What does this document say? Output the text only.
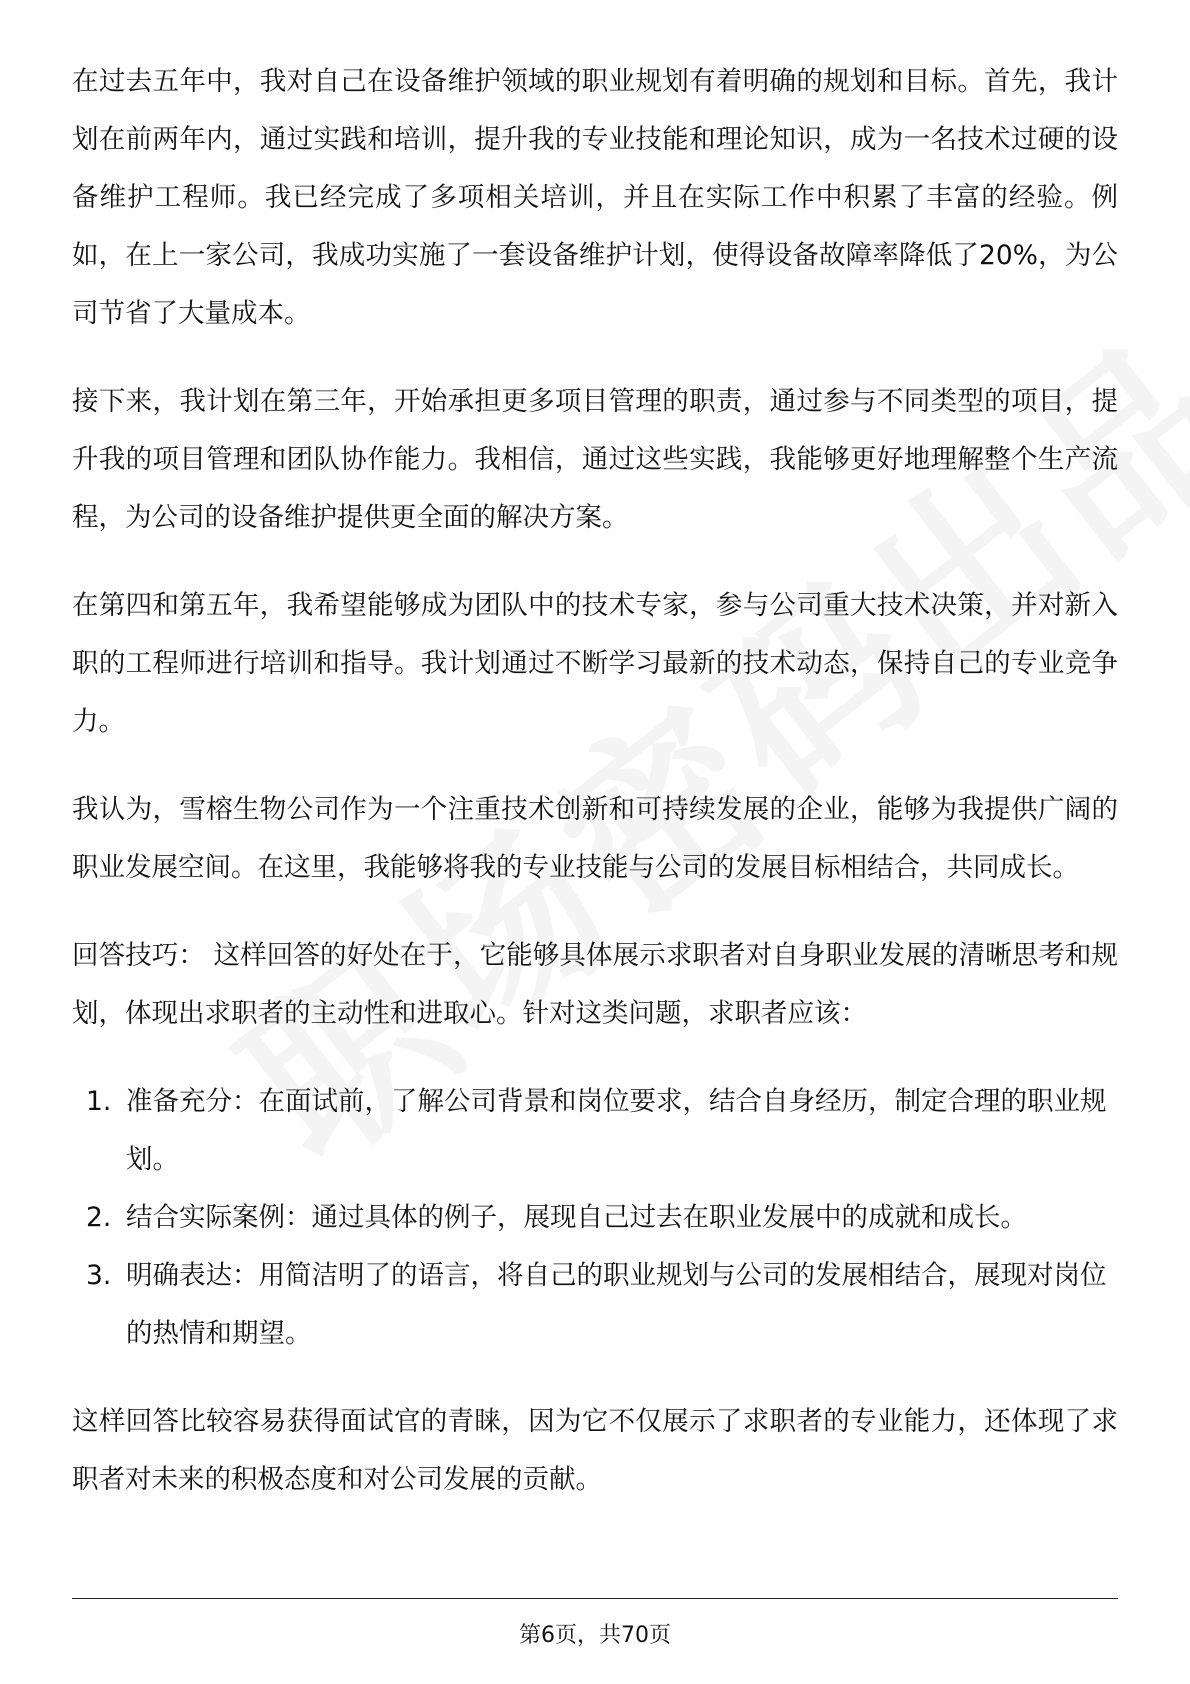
在过去五年中，我对自己在设备维护领域的职业规划有着明确的规划和目标。首先，我计划在前两年内，通过实践和培训，提升我的专业技能和理论知识，成为一名技术过硬的设备维护工程师。我已经完成了多项相关培训，并且在实际工作中积累了丰富的经验。例如，在上一家公司，我成功实施了一套设备维护计划，使得设备故障率降低了20%，为公司节省了大量成本。

接下来，我计划在第三年，开始承担更多项目管理的职责，通过参与不同类型的项目，提升我的项目管理和团队协作能力。我相信，通过这些实践，我能够更好地理解整个生产流程，为公司的设备维护提供更全面的解决方案。

在第四和第五年，我希望能够成为团队中的技术专家，参与公司重大技术决策，并对新入职的工程师进行培训和指导。我计划通过不断学习最新的技术动态，保持自己的专业竞争力。

我认为，雪榕生物公司作为一个注重技术创新和可持续发展的企业，能够为我提供广阔的职业发展空间。在这里，我能够将我的专业技能与公司的发展目标相结合，共同成长。

回答技巧： 这样回答的好处在于，它能够具体展示求职者对自身职业发展的清晰思考和规划，体现出求职者的主动性和进取心。针对这类问题，求职者应该：

1. 准备充分：在面试前，了解公司背景和岗位要求，结合自身经历，制定合理的职业规划。
2. 结合实际案例：通过具体的例子，展现自己过去在职业发展中的成就和成长。
3. 明确表达：用简洁明了的语言，将自己的职业规划与公司的发展相结合，展现对岗位的热情和期望。

这样回答比较容易获得面试官的青睐，因为它不仅展示了求职者的专业能力，还体现了求职者对未来的积极态度和对公司发展的贡献。

第6页，共70页
